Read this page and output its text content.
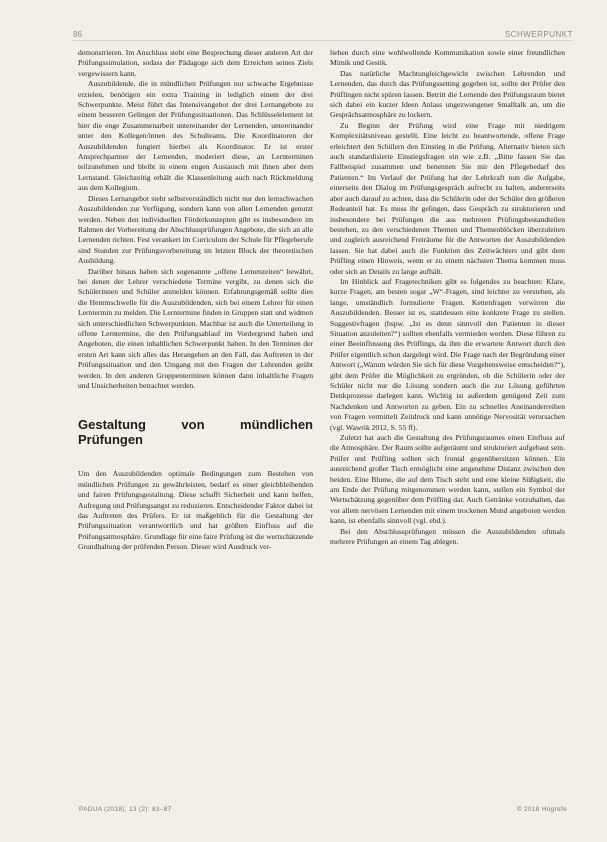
86	SCHWERPUNKT

demonstrieren. Im Anschluss steht eine Besprechung dieser anderen Art der Prüfungssimulation, sodass der Pädagoge sich dem Erreichen seines Ziels vergewissern kann.

Auszubildende, die in mündlichen Prüfungen nur schwache Ergebnisse erzielen, benötigen ein extra Training in lediglich einem der drei Schwerpunkte. Meist führt das Intensivangebot der drei Lernangebote zu einem besseren Gelingen der Prüfungssituationen. Das Schlüsselelement ist hier die enge Zusammenarbeit untereinander der Lernenden, untereinander unter den Kollegen/innen des Schulteams. Die Koordinatoren der Auszubildenden fungiert hierbei als Koordinator. Er ist erster Ansprechpartner der Lernenden, moderiert diese, an Lernterminen teilzunehmen und bleibt in einem engen Austausch mit ihnen aber dem Lernstand. Gleichzeitig erhält die Klassenleitung auch nach Rückmeldung aus dem Kollegium.

Dieses Lernangebot steht selbstverständlich nicht nur den lernschwachen Auszubildenden zur Verfügung, sondern kann von allen Lernenden genutzt werden. Neben den individuellen Förderkonzepten gibt es insbesondere im Rahmen der Vorbereitung der Abschlussprüfungen Angebote, die sich an alle Lernenden richten. Fest verankert im Curriculum der Schule für Pflegeberufe sind Stunden zur Prüfungsvorbereitung im letzten Block der theoretischen Ausbildung.

Darüber hinaus haben sich sogenannte „offene Lernenzeiten“ bewährt, bei denen der Lehrer verschiedene Termine vergibt, zu denen sich die Schülerinnen und Schüler anmelden können. Erfahrungsgemäß sollte dies die Hemmschwelle für die Auszubildenden, sich bei einem Lehrer für einen Lerntermin zu melden. Die Lerntermine finden in Gruppen statt und widmen sich unterschiedlichen Schwerpunkten. Machbar ist auch die Unterteilung in offene Lerntermine, die den Prüfungsablauf im Vordergrund haben und Angeboten, die einen inhaltlichen Schwerpunkt haben. In den Terminen der ersten Art kann sich alles das Herangehen an den Fall, das Auftreten in der Prüfungssituation und den Umgang mit den Fragen der Lehrenden geübt werden. In den anderen Gruppenterminen können dann inhaltliche Fragen und Unsicherheiten betrachtet werden.

Gestaltung von mündlichen Prüfungen

Um den Auszubildenden optimale Bedingungen zum Bestehen von mündlichen Prüfungen zu gewährleisten, bedarf es einer gleichbleibenden und fairen Prüfungsgestaltung. Diese schafft Sicherheit und kann helfen, Aufregung und Prüfungsangst zu reduzieren. Entscheidender Faktor dabei ist das Auftreten des Prüfers. Er ist maßgeblich für die Gestaltung der Prüfungssituation verantwortlich und hat größten Einfluss auf die Prüfungsatmosphäre. Grundlage für eine faire Prüfung ist die wertschätzende Grundhaltung der prüfenden Person. Dieser wird Ausdruck ver-

liehen durch eine wohlwollende Kommunikation sowie einer freundlichen Mimik und Gestik.

Das natürliche Machtungleichgewicht zwischen Lehrenden und Lernenden, das durch das Prüfungssetting gegeben ist, sollte der Prüfer den Prüflingen nicht spüren lassen. Betritt die Lernende den Prüfungsraum bietet sich dabei ein kurzer Ideen Anlass ungezwungener Smalltalk an, um die Gesprächsatmosphäre zu lockern.

Zu Beginn der Prüfung wird eine Frage mit niedrigem Komplexitätsniveau gestellt. Eine leicht zu beantwortende, offene Frage erleichtert den Schülern den Einstieg in die Prüfung. Alternativ bieten sich auch standardisierte Einstiegsfragen ein wie z.B. „Bitte fassen Sie das Fallbeispiel zusammen und benennen Sie mir den Pflegebedarf des Patienten.“ Im Verlauf der Prüfung hat der Lehrkraft nun die Aufgabe, einerseits den Dialog im Prüfungsgespräch aufrecht zu halten, andererseits aber auch darauf zu achten, dass die Schülerin oder der Schüler den größeren Redeanteil hat. Es muss ihr gelingen, dass Gespräch zu strukturieren und insbesondere bei Prüfungen die aus mehreren Prüfungsbestandteilen bestehen, zu den verschiedenen Themen und Themenblöcken überzuleiten und zugleich ausreichend Freiräume für die Antworten der Auszubildenden lassen. Sie hat dabei auch die Funktion des Zeitwächters und gibt dem Prüfling einen Hinweis, wenn er zu einem nächsten Thema kommen muss oder sich an Details zu lange aufhält.

Im Hinblick auf Fragetechniken gibt es folgendes zu beachten: Klare, kurze Fragen, am besten sogar „W“-Fragen, sind leichter zu verstehen, als lange, umständlich formulierte Fragen. Kettenfragen verwirren die Auszubildenden. Besser ist es, stattdessen eine konkrete Frage zu stellen. Suggestivfragen (bspw. „Ist es denn sinnvoll den Patienten in dieser Situation anzuleiten?“) sollten ebenfalls vermieden werden. Diese führen zu einer Beeinflussung des Prüflings, da ihm die erwartete Antwort durch den Prüfer eigentlich schon dargelegt wird. Die Frage nach der Begründung einer Antwort („Warum würden Sie sich für diese Vorgehensweise entscheiden?“), gibt dem Prüfer die Möglichkeit zu ergründen, ob die Schülerin oder der Schüler nicht nur die Lösung sondern auch die zur Lösung geführten Denkprozesse darlegen kann. Wichtig ist außerdem genügend Zeit zum Nachdenken und Antworten zu geben. Ein zu schnelles Aneinanderreihen von Fragen vermittelt Zeitdruck und kann unnötige Nervosität verursachen (vgl. Wawrik 2012, S. 55 ff).

Zuletzt hat auch die Gestaltung des Prüfungsraumes einen Einfluss auf die Atmosphäre. Der Raum sollte aufgeräumt und strukturiert aufgebaut sein. Prüfer und Prüfling sollten sich frontal gegenübersitzen können. Ein ausreichend großer Tisch ermöglicht eine angenehme Distanz zwischen den beiden. Eine Blume, die auf dem Tisch steht und eine kleine Süßigkeit, die am Ende der Prüfung mitgenommen werden kann, stellen ein Symbol der Wertschätzung gegenüber dem Prüfling dar. Auch Getränke vorzuhalten, das vor allem nervösen Lernenden mit einem trockenen Mund angeboten werden kann, ist ebenfalls sinnvoll (vgl. ebd.).

Bei den Abschlussprüfungen müssen die Auszubildenden oftmals mehrere Prüfungen an einem Tag ablegen.

PADUA (2018), 13 (2): 83–87	© 2018 Hogrefe
